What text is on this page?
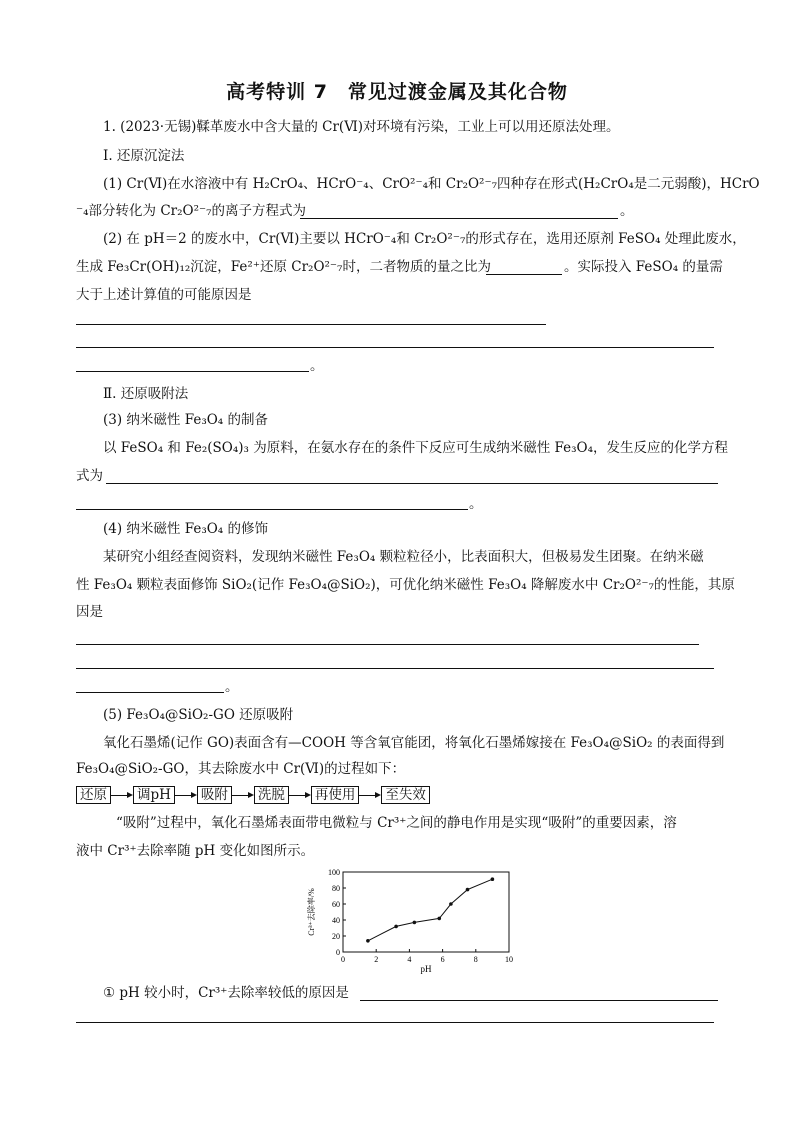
高考特训 7　常见过渡金属及其化合物
1. (2023·无锡)鞣革废水中含大量的 Cr(Ⅵ)对环境有污染，工业上可以用还原法处理。
Ⅰ. 还原沉淀法
(1) Cr(Ⅵ)在水溶液中有 H₂CrO₄、HCrO⁻₄、CrO²⁻₄和 Cr₂O²⁻₇四种存在形式(H₂CrO₄是二元弱酸)，HCrO
⁻₄部分转化为 Cr₂O²⁻₇的离子方程式为	。
(2) 在 pH＝2 的废水中，Cr(Ⅵ)主要以 HCrO⁻₄和 Cr₂O²⁻₇的形式存在，选用还原剂 FeSO₄ 处理此废水，
生成 Fe₃Cr(OH)₁₂沉淀，Fe²⁺还原 Cr₂O²⁻₇时，二者物质的量之比为	。实际投入 FeSO₄ 的量需
大于上述计算值的可能原因是
。
Ⅱ. 还原吸附法
(3) 纳米磁性 Fe₃O₄ 的制备
以 FeSO₄ 和 Fe₂(SO₄)₃ 为原料，在氨水存在的条件下反应可生成纳米磁性 Fe₃O₄，发生反应的化学方程
式为
。
(4) 纳米磁性 Fe₃O₄ 的修饰
某研究小组经查阅资料，发现纳米磁性 Fe₃O₄ 颗粒粒径小，比表面积大，但极易发生团聚。在纳米磁
性 Fe₃O₄ 颗粒表面修饰 SiO₂(记作 Fe₃O₄@SiO₂)，可优化纳米磁性 Fe₃O₄ 降解废水中 Cr₂O²⁻₇的性能，其原
因是
。
(5) Fe₃O₄@SiO₂-GO 还原吸附
氧化石墨烯(记作 GO)表面含有—COOH 等含氧官能团，将氧化石墨烯嫁接在 Fe₃O₄@SiO₂ 的表面得到
Fe₃O₄@SiO₂-GO，其去除废水中 Cr(Ⅵ)的过程如下：
还原 调pH 吸附 洗脱 再使用 至失效
“吸附”过程中，氧化石墨烯表面带电微粒与 Cr³⁺之间的静电作用是实现“吸附”的重要因素，溶
液中 Cr³⁺去除率随 pH 变化如图所示。
0	2	4	6	8	10
0
20
40
60
80
100
pH
Cr³⁺去除率/%
① pH 较小时，Cr³⁺去除率较低的原因是
